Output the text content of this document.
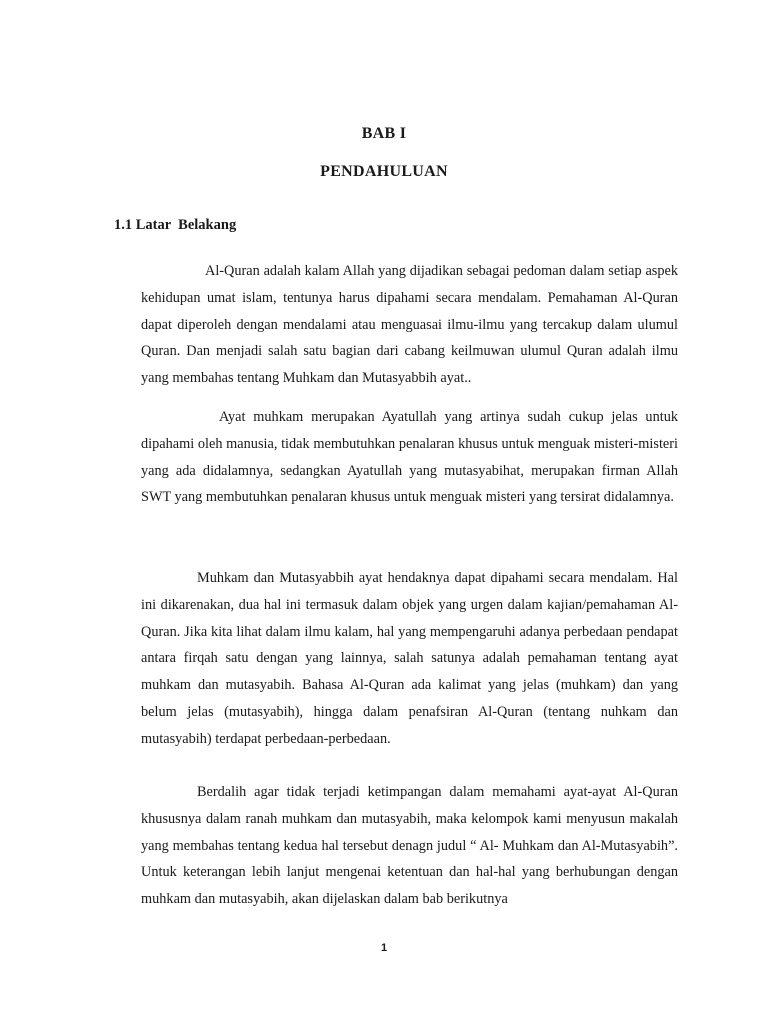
BAB I
PENDAHULUAN
1.1 Latar  Belakang

Al-Quran adalah kalam Allah yang dijadikan sebagai pedoman dalam setiap aspek kehidupan umat islam, tentunya harus dipahami secara mendalam. Pemahaman Al-Quran dapat diperoleh dengan mendalami atau menguasai ilmu-ilmu yang tercakup dalam ulumul Quran. Dan menjadi salah satu bagian dari cabang keilmuwan ulumul Quran adalah ilmu yang membahas tentang Muhkam dan Mutasyabbih ayat..

Ayat muhkam merupakan Ayatullah yang artinya sudah cukup jelas untuk dipahami oleh manusia, tidak membutuhkan penalaran khusus untuk menguak misteri-misteri yang ada didalamnya, sedangkan Ayatullah yang mutasyabihat, merupakan firman Allah SWT yang membutuhkan penalaran khusus untuk menguak misteri yang tersirat didalamnya.

Muhkam dan Mutasyabbih ayat hendaknya dapat dipahami secara mendalam. Hal ini dikarenakan, dua hal ini termasuk dalam objek yang urgen dalam kajian/pemahaman Al-Quran. Jika kita lihat dalam ilmu kalam, hal yang mempengaruhi adanya perbedaan pendapat antara firqah satu dengan yang lainnya, salah satunya adalah pemahaman tentang ayat muhkam dan mutasyabih. Bahasa Al-Quran ada kalimat yang jelas (muhkam) dan yang belum jelas (mutasyabih), hingga dalam penafsiran Al-Quran (tentang nuhkam dan mutasyabih) terdapat perbedaan-perbedaan.

Berdalih agar tidak terjadi ketimpangan dalam memahami ayat-ayat Al-Quran khususnya dalam ranah muhkam dan mutasyabih, maka kelompok kami menyusun makalah yang membahas tentang kedua hal tersebut denagn judul “ Al- Muhkam dan Al-Mutasyabih”. Untuk keterangan lebih lanjut mengenai ketentuan dan hal-hal yang berhubungan dengan muhkam dan mutasyabih, akan dijelaskan dalam bab berikutnya

1
